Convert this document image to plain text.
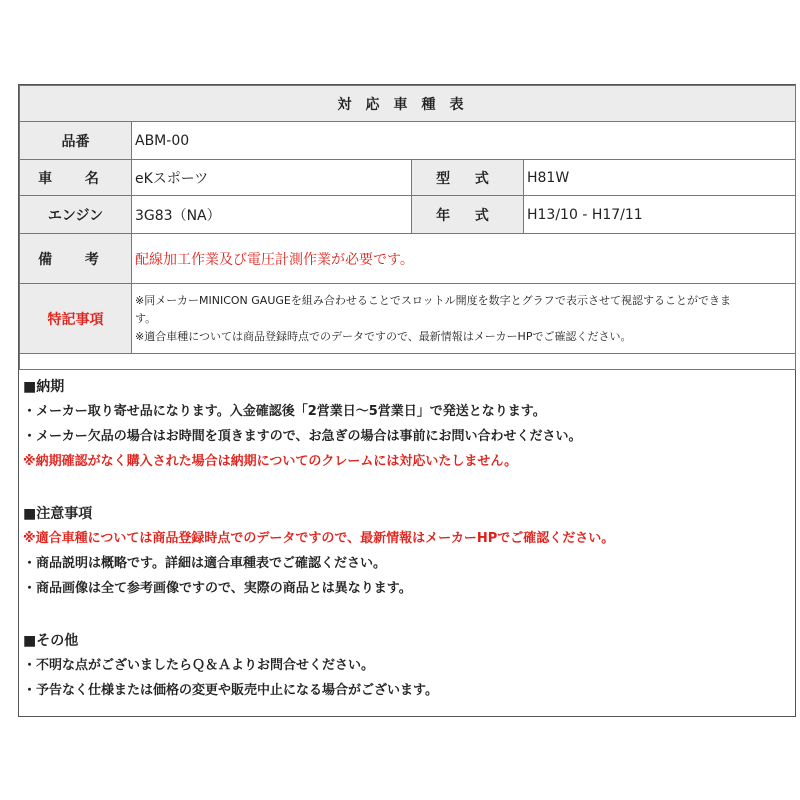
対応車種表			
品番	ABM-00		
車 名	eKスポーツ	型 式	H81W
エンジン	3G83（NA）	年 式	H13/10 - H17/11
備 考	配線加工作業及び電圧計測作業が必要です。		
特記事項	※同メーカーMINICON GAUGEを組み合わせることでスロットル開度を数字とグラフで表示させて視認することができま
す。
※適合車種については商品登録時点でのデータですので、最新情報はメーカーHPでご確認ください。		

■納期
・メーカー取り寄せ品になります。入金確認後「2営業日～5営業日」で発送となります。
・メーカー欠品の場合はお時間を頂きますので、お急ぎの場合は事前にお問い合わせください。
※納期確認がなく購入された場合は納期についてのクレームには対応いたしません。
■注意事項
※適合車種については商品登録時点でのデータですので、最新情報はメーカーHPでご確認ください。
・商品説明は概略です。詳細は適合車種表でご確認ください。
・商品画像は全て参考画像ですので、実際の商品とは異なります。
■その他
・不明な点がございましたらＱ＆Ａよりお問合せください。
・予告なく仕様または価格の変更や販売中止になる場合がございます。
